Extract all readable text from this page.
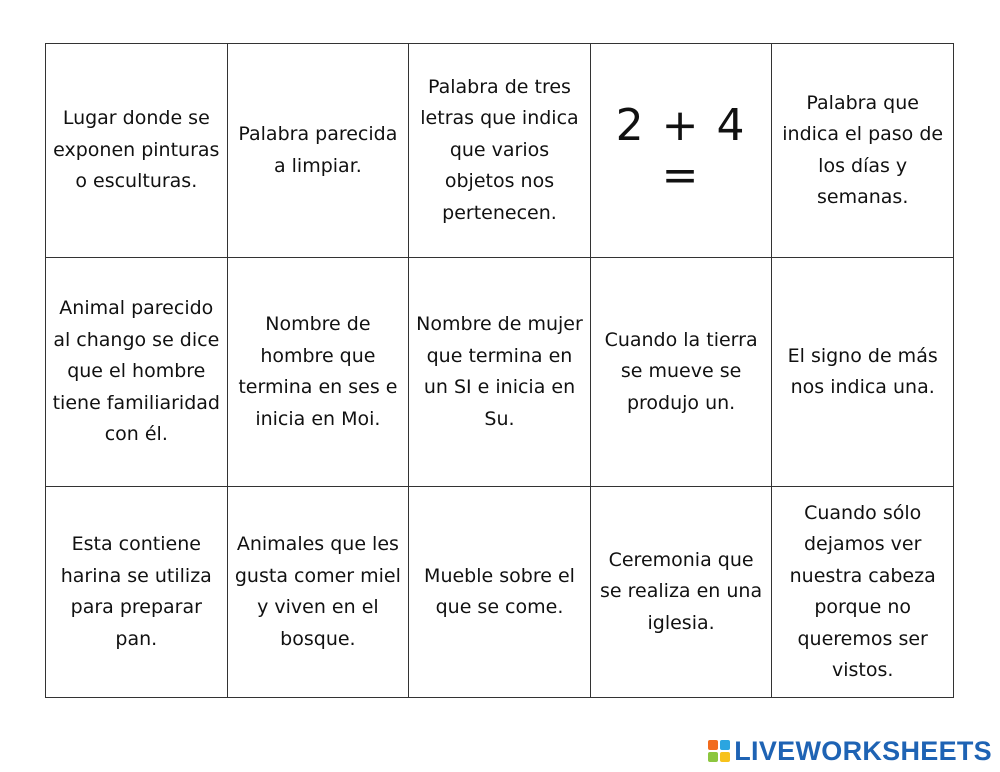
Lugar donde se exponen pinturas o esculturas.	Palabra parecida a limpiar.	Palabra de tres letras que indica que varios objetos nos pertenecen.	2 + 4 =	Palabra que indica el paso de los días y semanas.
Animal parecido al chango se dice que el hombre tiene familiaridad con él.	Nombre de hombre que termina en ses e inicia en Moi.	Nombre de mujer que termina en un SI e inicia en Su.	Cuando la tierra se mueve se produjo un.	El signo de más nos indica una.
Esta contiene harina se utiliza para preparar pan.	Animales que les gusta comer miel y viven en el bosque.	Mueble sobre el que se come.	Ceremonia que se realiza en una iglesia.	Cuando sólo dejamos ver nuestra cabeza porque no queremos ser vistos.
LIVEWORKSHEETS
